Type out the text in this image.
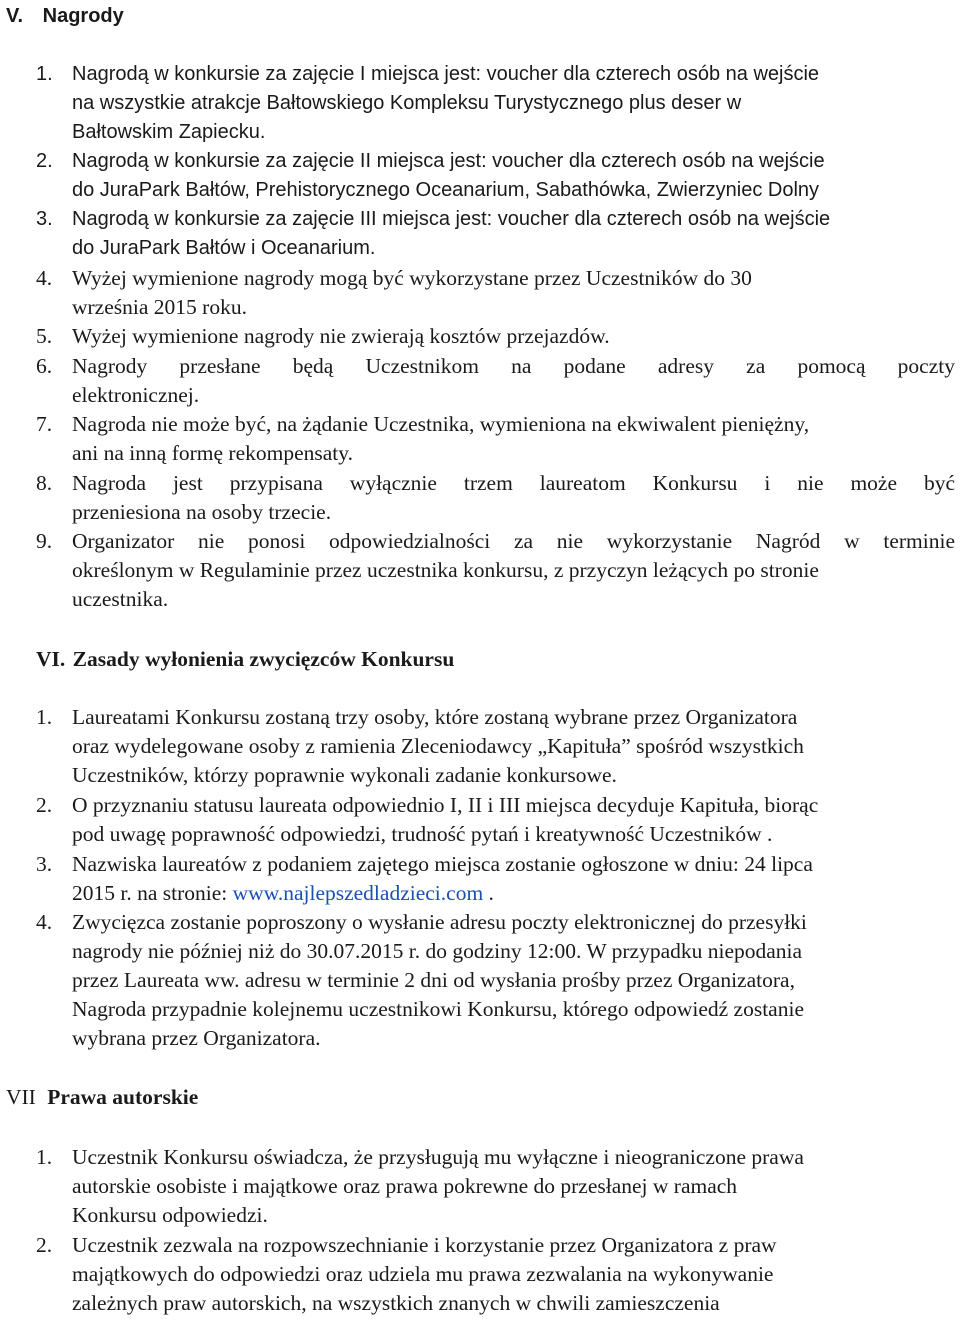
V. Nagrody
1. Nagrodą w konkursie za zajęcie I miejsca jest: voucher dla czterech osób na wejście
na wszystkie atrakcje Bałtowskiego Kompleksu Turystycznego plus deser w
Bałtowskim Zapiecku.
2. Nagrodą w konkursie za zajęcie II miejsca jest: voucher dla czterech osób na wejście
do JuraPark Bałtów, Prehistorycznego Oceanarium, Sabathówka, Zwierzyniec Dolny
3. Nagrodą w konkursie za zajęcie III miejsca jest: voucher dla czterech osób na wejście
do JuraPark Bałtów i Oceanarium.
4. Wyżej wymienione nagrody mogą być wykorzystane przez Uczestników do 30
września 2015 roku.
5. Wyżej wymienione nagrody nie zwierają kosztów przejazdów.
6. Nagrody przesłane będą Uczestnikom na podane adresy za pomocą poczty
elektronicznej.
7. Nagroda nie może być, na żądanie Uczestnika, wymieniona na ekwiwalent pieniężny,
ani na inną formę rekompensaty.
8. Nagroda jest przypisana wyłącznie trzem laureatom Konkursu i nie może być
przeniesiona na osoby trzecie.
9. Organizator nie ponosi odpowiedzialności za nie wykorzystanie Nagród w terminie
określonym w Regulaminie przez uczestnika konkursu, z przyczyn leżących po stronie
uczestnika.
VI. Zasady wyłonienia zwycięzców Konkursu
1. Laureatami Konkursu zostaną trzy osoby, które zostaną wybrane przez Organizatora
oraz wydelegowane osoby z ramienia Zleceniodawcy „Kapituła” spośród wszystkich
Uczestników, którzy poprawnie wykonali zadanie konkursowe.
2. O przyznaniu statusu laureata odpowiednio I, II i III miejsca decyduje Kapituła, biorąc
pod uwagę poprawność odpowiedzi, trudność pytań i kreatywność Uczestników .
3. Nazwiska laureatów z podaniem zajętego miejsca zostanie ogłoszone w dniu: 24 lipca
2015 r. na stronie: www.najlepszedladzieci.com .
4. Zwycięzca zostanie poproszony o wysłanie adresu poczty elektronicznej do przesyłki
nagrody nie później niż do 30.07.2015 r. do godziny 12:00. W przypadku niepodania
przez Laureata ww. adresu w terminie 2 dni od wysłania prośby przez Organizatora,
Nagroda przypadnie kolejnemu uczestnikowi Konkursu, którego odpowiedź zostanie
wybrana przez Organizatora.
VII Prawa autorskie
1. Uczestnik Konkursu oświadcza, że przysługują mu wyłączne i nieograniczone prawa
autorskie osobiste i majątkowe oraz prawa pokrewne do przesłanej w ramach
Konkursu odpowiedzi.
2. Uczestnik zezwala na rozpowszechnianie i korzystanie przez Organizatora z praw
majątkowych do odpowiedzi oraz udziela mu prawa zezwalania na wykonywanie
zależnych praw autorskich, na wszystkich znanych w chwili zamieszczenia
